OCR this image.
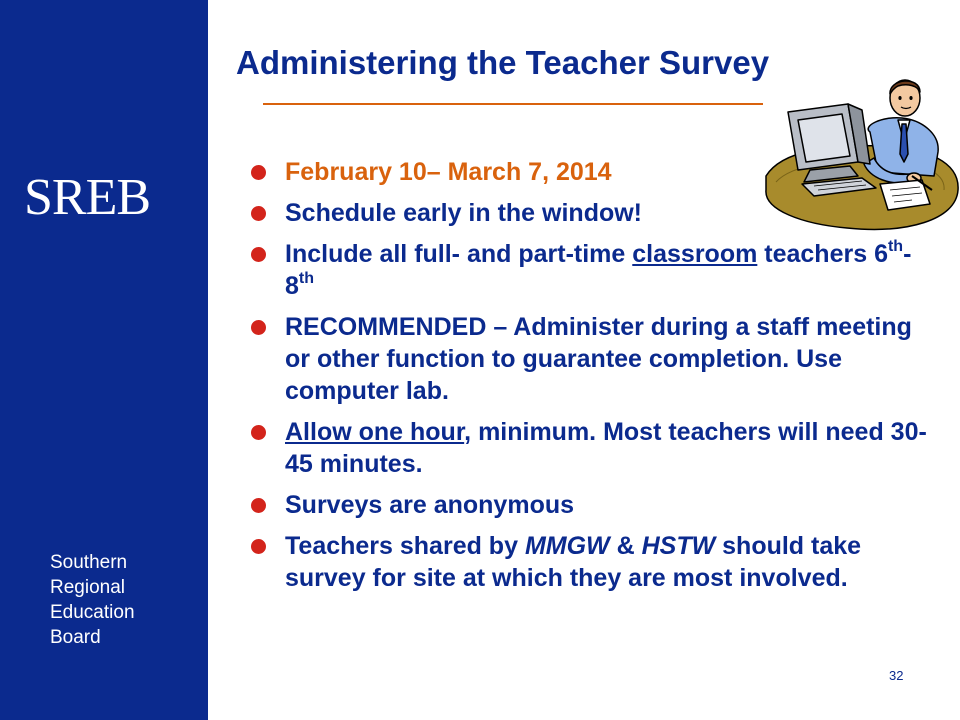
SREB
Southern
Regional
Education
Board
Administering the Teacher Survey
February 10– March 7, 2014
Schedule early in the window!
Include all full- and part-time classroom teachers 6th-8th
RECOMMENDED – Administer during a staff meeting or other function to guarantee completion. Use computer lab.
Allow one hour, minimum. Most teachers will need 30-45 minutes.
Surveys are anonymous
Teachers shared by MMGW & HSTW should take survey for site at which they are most involved.
32
